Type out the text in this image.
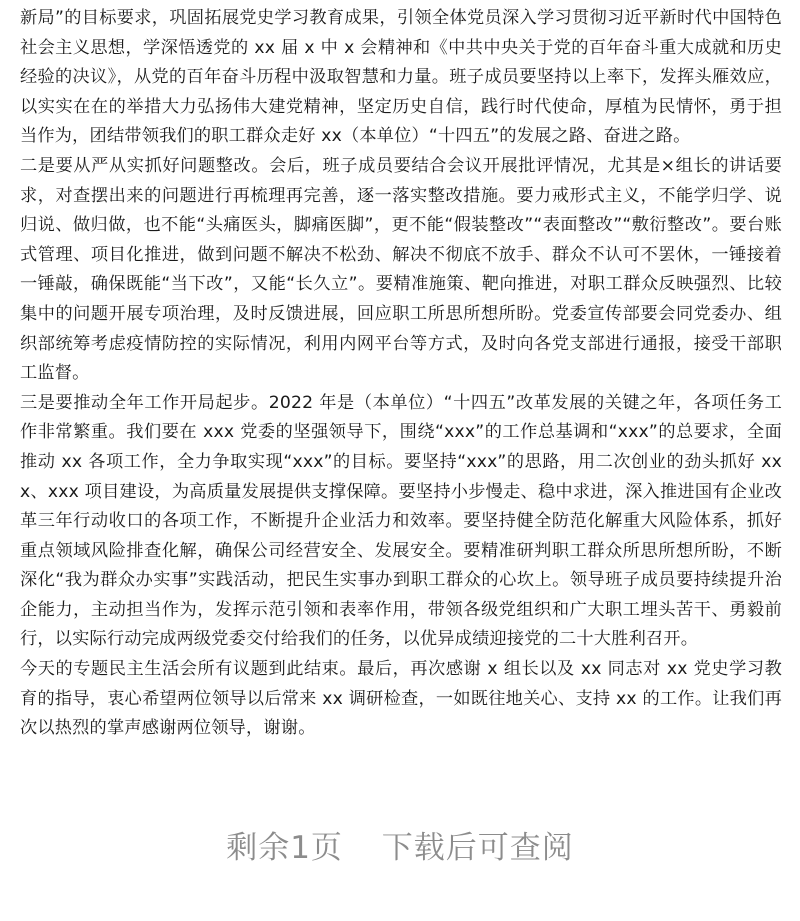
新局”的目标要求，巩固拓展党史学习教育成果，引领全体党员深入学习贯彻习近平新时代中国特色社会主义思想，学深悟透党的 xx 届 x 中 x 会精神和《中共中央关于党的百年奋斗重大成就和历史经验的决议》，从党的百年奋斗历程中汲取智慧和力量。班子成员要坚持以上率下，发挥头雁效应，以实实在在的举措大力弘扬伟大建党精神，坚定历史自信，践行时代使命，厚植为民情怀，勇于担当作为，团结带领我们的职工群众走好 xx（本单位）“十四五”的发展之路、奋进之路。

二是要从严从实抓好问题整改。会后，班子成员要结合会议开展批评情况，尤其是×组长的讲话要求，对查摆出来的问题进行再梳理再完善，逐一落实整改措施。要力戒形式主义，不能学归学、说归说、做归做，也不能“头痛医头，脚痛医脚”，更不能“假装整改”“表面整改”“敷衍整改”。要台账式管理、项目化推进，做到问题不解决不松劲、解决不彻底不放手、群众不认可不罢休，一锤接着一锤敲，确保既能“当下改”，又能“长久立”。要精准施策、靶向推进，对职工群众反映强烈、比较集中的问题开展专项治理，及时反馈进展，回应职工所思所想所盼。党委宣传部要会同党委办、组织部统筹考虑疫情防控的实际情况，利用内网平台等方式，及时向各党支部进行通报，接受干部职工监督。

三是要推动全年工作开局起步。2022 年是（本单位）“十四五”改革发展的关键之年，各项任务工作非常繁重。我们要在 xxx 党委的坚强领导下，围绕“xxx”的工作总基调和“xxx”的总要求，全面推动 xx 各项工作，全力争取实现“xxx”的目标。要坚持“xxx”的思路，用二次创业的劲头抓好 xxx、xxx 项目建设，为高质量发展提供支撑保障。要坚持小步慢走、稳中求进，深入推进国有企业改革三年行动收口的各项工作，不断提升企业活力和效率。要坚持健全防范化解重大风险体系，抓好重点领域风险排查化解，确保公司经营安全、发展安全。要精准研判职工群众所思所想所盼，不断深化“我为群众办实事”实践活动，把民生实事办到职工群众的心坎上。领导班子成员要持续提升治企能力，主动担当作为，发挥示范引领和表率作用，带领各级党组织和广大职工埋头苦干、勇毅前行，以实际行动完成两级党委交付给我们的任务，以优异成绩迎接党的二十大胜利召开。

今天的专题民主生活会所有议题到此结束。最后，再次感谢 x 组长以及 xx 同志对 xx 党史学习教育的指导，衷心希望两位领导以后常来 xx 调研检查，一如既往地关心、支持 xx 的工作。让我们再次以热烈的掌声感谢两位领导，谢谢。

剩余1页 下载后可查阅
